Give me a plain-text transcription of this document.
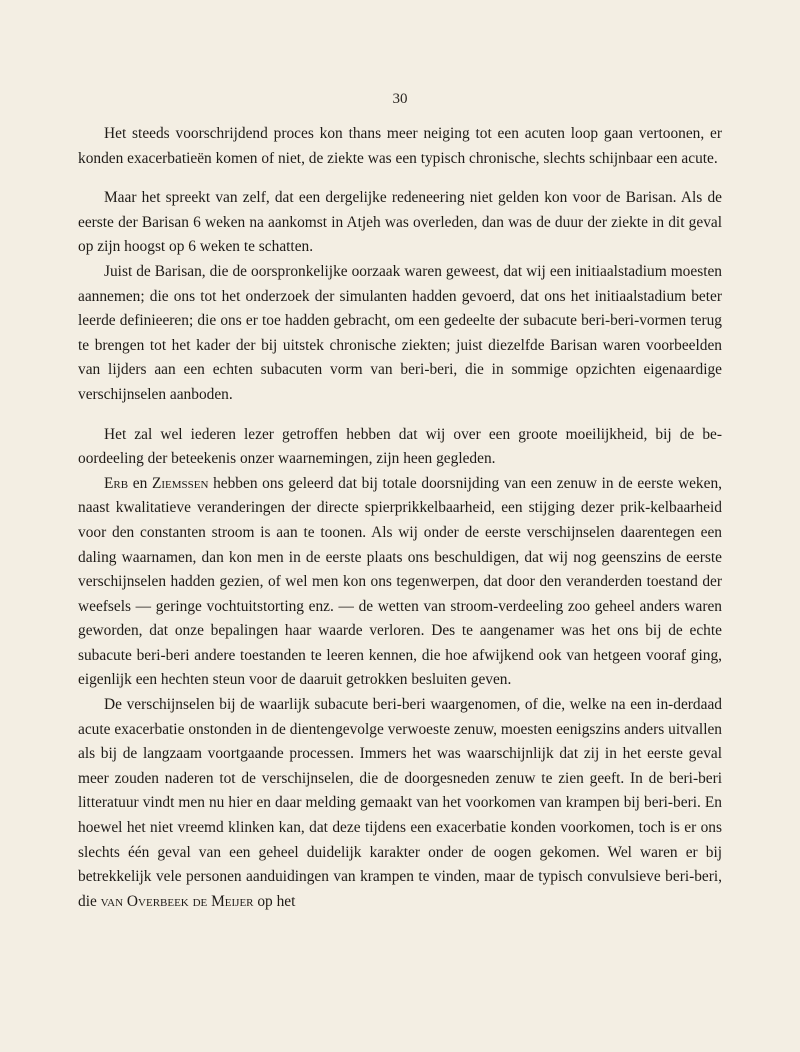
30

Het steeds voorschrijdend proces kon thans meer neiging tot een acuten loop gaan vertoonen, er konden exacerbatieën komen of niet, de ziekte was een typisch chronische, slechts schijnbaar een acute.

Maar het spreekt van zelf, dat een dergelijke redeneering niet gelden kon voor de Barisan. Als de eerste der Barisan 6 weken na aankomst in Atjeh was overleden, dan was de duur der ziekte in dit geval op zijn hoogst op 6 weken te schatten.

Juist de Barisan, die de oorspronkelijke oorzaak waren geweest, dat wij een initiaalstadium moesten aannemen; die ons tot het onderzoek der simulanten hadden gevoerd, dat ons het initiaalstadium beter leerde definieeren; die ons er toe hadden gebracht, om een gedeelte der subacute beri-beri-vormen terug te brengen tot het kader der bij uitstek chronische ziekten; juist diezelfde Barisan waren voorbeelden van lijders aan een echten subacuten vorm van beri-beri, die in sommige opzichten eigenaardige verschijnselen aanboden.

Het zal wel iederen lezer getroffen hebben dat wij over een groote moeilijkheid, bij de be-oordeeling der beteekenis onzer waarnemingen, zijn heen gegleden.

Erb en Ziemssen hebben ons geleerd dat bij totale doorsnijding van een zenuw in de eerste weken, naast kwalitatieve veranderingen der directe spierprikkelbaarheid, een stijging dezer prik-kelbaarheid voor den constanten stroom is aan te toonen. Als wij onder de eerste verschijnselen daarentegen een daling waarnamen, dan kon men in de eerste plaats ons beschuldigen, dat wij nog geenszins de eerste verschijnselen hadden gezien, of wel men kon ons tegenwerpen, dat door den veranderden toestand der weefsels — geringe vochtuitstorting enz. — de wetten van stroom-verdeeling zoo geheel anders waren geworden, dat onze bepalingen haar waarde verloren. Des te aangenamer was het ons bij de echte subacute beri-beri andere toestanden te leeren kennen, die hoe afwijkend ook van hetgeen vooraf ging, eigenlijk een hechten steun voor de daaruit getrokken besluiten geven.

De verschijnselen bij de waarlijk subacute beri-beri waargenomen, of die, welke na een in-derdaad acute exacerbatie onstonden in de dientengevolge verwoeste zenuw, moesten eenigszins anders uitvallen als bij de langzaam voortgaande processen. Immers het was waarschijnlijk dat zij in het eerste geval meer zouden naderen tot de verschijnselen, die de doorgesneden zenuw te zien geeft. In de beri-beri litteratuur vindt men nu hier en daar melding gemaakt van het voorkomen van krampen bij beri-beri. En hoewel het niet vreemd klinken kan, dat deze tijdens een exacerbatie konden voorkomen, toch is er ons slechts één geval van een geheel duidelijk karakter onder de oogen gekomen. Wel waren er bij betrekkelijk vele personen aanduidingen van krampen te vinden, maar de typisch convulsieve beri-beri, die van Overbeek de Meijer op het
